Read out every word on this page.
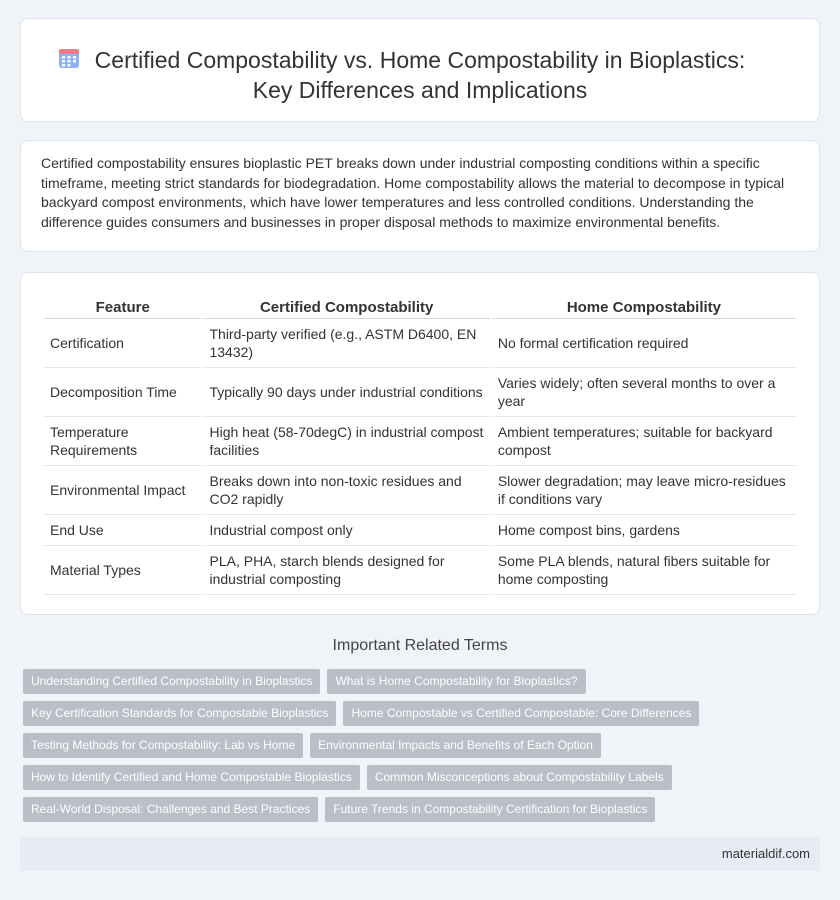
Certified Compostability vs. Home Compostability in Bioplastics:
Key Differences and Implications

Certified compostability ensures bioplastic PET breaks down under industrial composting conditions within a specific timeframe, meeting strict standards for biodegradation. Home compostability allows the material to decompose in typical backyard compost environments, which have lower temperatures and less controlled conditions. Understanding the difference guides consumers and businesses in proper disposal methods to maximize environmental benefits.

Feature	Certified Compostability	Home Compostability
Certification	Third-party verified (e.g., ASTM D6400, EN 13432)	No formal certification required
Decomposition Time	Typically 90 days under industrial conditions	Varies widely; often several months to over a year
Temperature Requirements	High heat (58-70degC) in industrial compost facilities	Ambient temperatures; suitable for backyard compost
Environmental Impact	Breaks down into non-toxic residues and CO2 rapidly	Slower degradation; may leave micro-residues if conditions vary
End Use	Industrial compost only	Home compost bins, gardens
Material Types	PLA, PHA, starch blends designed for industrial composting	Some PLA blends, natural fibers suitable for home composting
Important Related Terms
Understanding Certified Compostability in Bioplastics	What is Home Compostability for Bioplastics?
Key Certification Standards for Compostable Bioplastics	Home Compostable vs Certified Compostable: Core Differences
Testing Methods for Compostability: Lab vs Home	Environmental Impacts and Benefits of Each Option
How to Identify Certified and Home Compostable Bioplastics	Common Misconceptions about Compostability Labels
Real-World Disposal: Challenges and Best Practices	Future Trends in Compostability Certification for Bioplastics
materialdif.com
